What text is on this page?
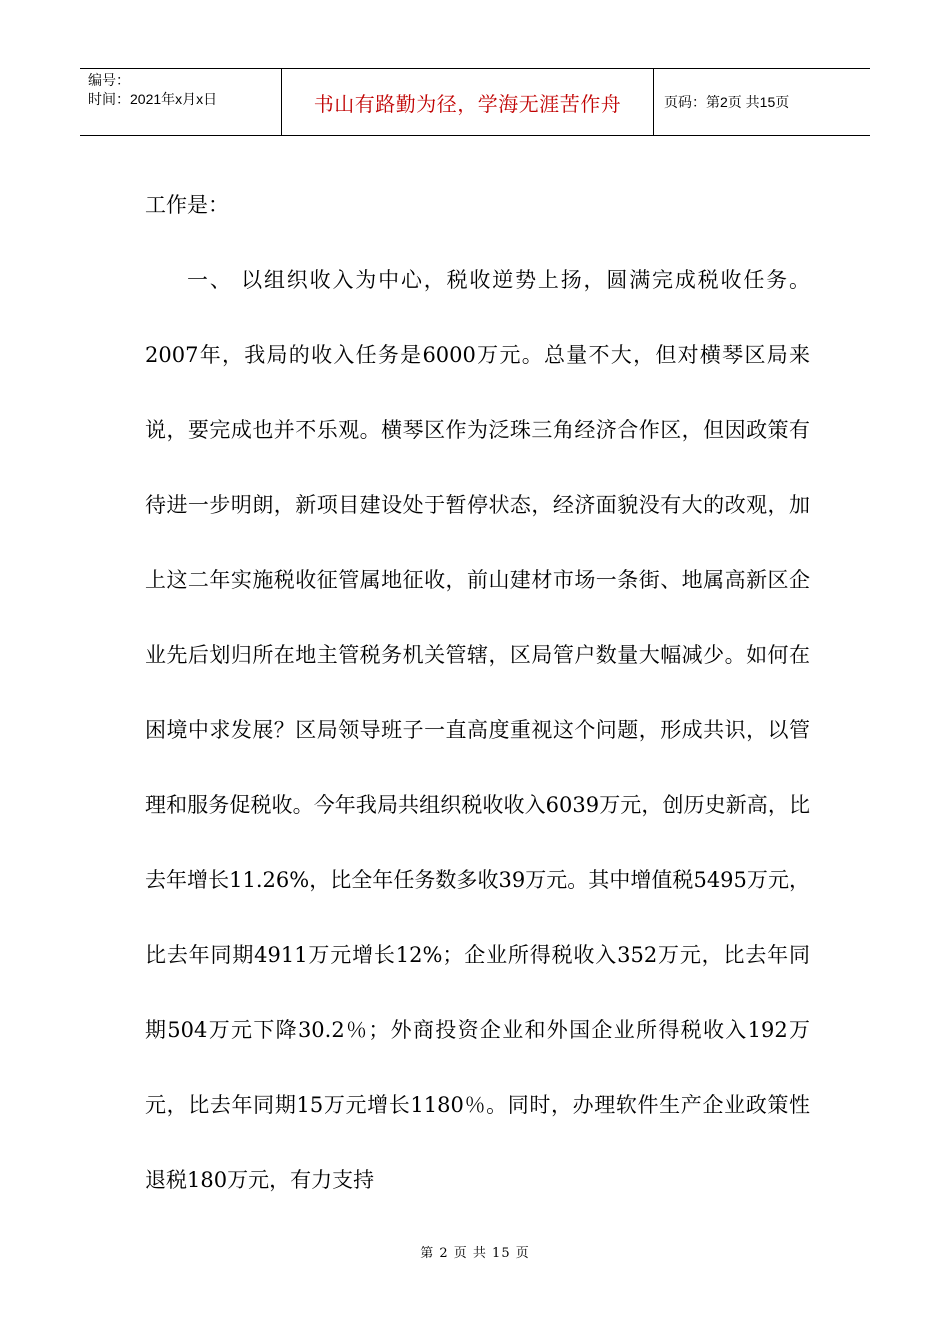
编号：
时间：2021年x月x日	书山有路勤为径，学海无涯苦作舟	页码：第2页 共15页

工作是：

一、 以组织收入为中心，税收逆势上扬，圆满完成税收任务。2007年，我局的收入任务是6000万元。总量不大，但对横琴区局来说，要完成也并不乐观。横琴区作为泛珠三角经济合作区，但因政策有待进一步明朗，新项目建设处于暂停状态，经济面貌没有大的改观，加上这二年实施税收征管属地征收，前山建材市场一条街、地属高新区企业先后划归所在地主管税务机关管辖，区局管户数量大幅减少。如何在困境中求发展？区局领导班子一直高度重视这个问题，形成共识，以管理和服务促税收。今年我局共组织税收收入6039万元，创历史新高，比去年增长11.26%，比全年任务数多收39万元。其中增值税5495万元，比去年同期4911万元增长12%；企业所得税收入352万元，比去年同期504万元下降30.2％；外商投资企业和外国企业所得税收入192万元，比去年同期15万元增长1180％。同时，办理软件生产企业政策性退税180万元，有力支持

第 2 页 共 15 页
